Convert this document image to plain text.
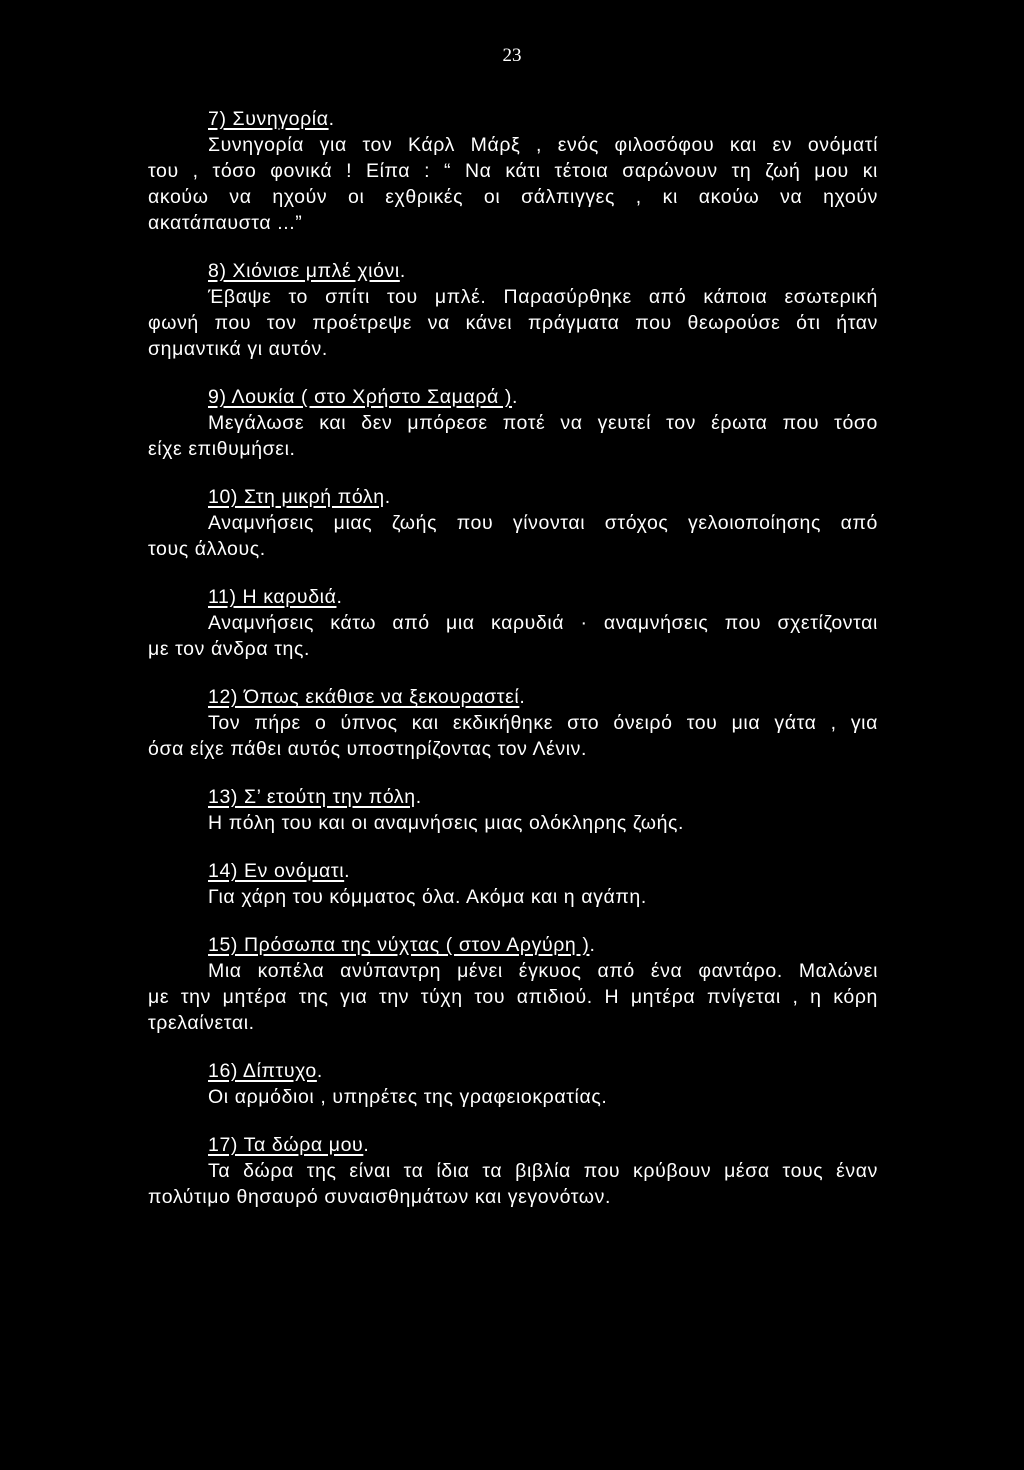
23
7) Συνηγορία.
Συνηγορία για τον Κάρλ Μάρξ , ενός φιλοσόφου και εν ονόματί
του , τόσο φονικά ! Είπα : “ Να κάτι τέτοια σαρώνουν τη ζωή μου κι
ακούω να ηχούν οι εχθρικές οι σάλπιγγες , κι ακούω να ηχούν
ακατάπαυστα ...”
8) Χιόνισε μπλέ χιόνι.
Έβαψε το σπίτι του μπλέ. Παρασύρθηκε από κάποια εσωτερική
φωνή που τον προέτρεψε να κάνει πράγματα που θεωρούσε ότι ήταν
σημαντικά γι αυτόν.
9) Λουκία ( στο Χρήστο Σαμαρά ).
Μεγάλωσε και δεν μπόρεσε ποτέ να γευτεί τον έρωτα που τόσο
είχε επιθυμήσει.
10) Στη μικρή πόλη.
Αναμνήσεις μιας ζωής που γίνονται στόχος γελοιοποίησης από
τους άλλους.
11) Η καρυδιά.
Αναμνήσεις κάτω από μια καρυδιά · αναμνήσεις που σχετίζονται
με τον άνδρα της.
12) Όπως εκάθισε να ξεκουραστεί.
Τον πήρε ο ύπνος και εκδικήθηκε στο όνειρό του μια γάτα , για
όσα είχε πάθει αυτός υποστηρίζοντας τον Λένιν.
13) Σ’ ετούτη την πόλη.
Η πόλη του και οι αναμνήσεις μιας ολόκληρης ζωής.
14) Εν ονόματι.
Για χάρη του κόμματος όλα. Ακόμα και η αγάπη.
15) Πρόσωπα της νύχτας ( στον Αργύρη ).
Μια κοπέλα ανύπαντρη μένει έγκυος από ένα φαντάρο. Μαλώνει
με την μητέρα της για την τύχη του απιδιού. Η μητέρα πνίγεται , η κόρη
τρελαίνεται.
16) Δίπτυχο.
Οι αρμόδιοι , υπηρέτες της γραφειοκρατίας.
17) Τα δώρα μου.
Τα δώρα της είναι τα ίδια τα βιβλία που κρύβουν μέσα τους έναν
πολύτιμο θησαυρό συναισθημάτων και γεγονότων.
